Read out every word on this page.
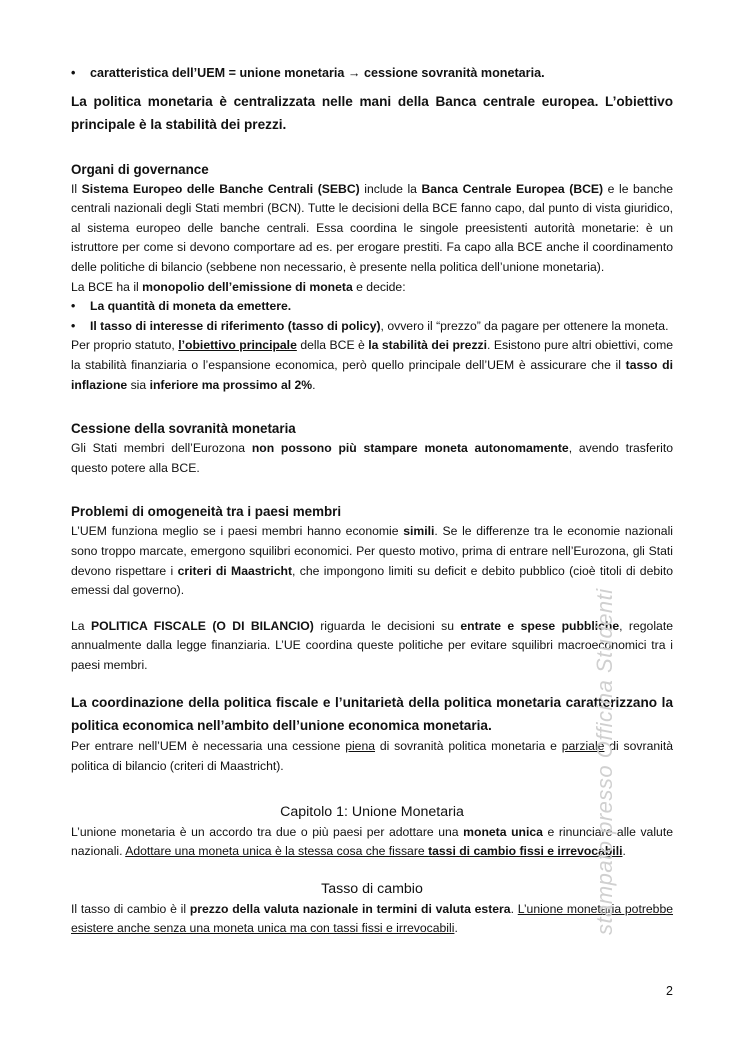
• caratteristica dell’UEM = unione monetaria → cessione sovranità monetaria.

La politica monetaria è centralizzata nelle mani della Banca centrale europea. L’obiettivo principale è la stabilità dei prezzi.

Organi di governance

Il Sistema Europeo delle Banche Centrali (SEBC) include la Banca Centrale Europea (BCE) e le banche centrali nazionali degli Stati membri (BCN). Tutte le decisioni della BCE fanno capo, dal punto di vista giuridico, al sistema europeo delle banche centrali. Essa coordina le singole preesistenti autorità monetarie: è un istruttore per come si devono comportare ad es. per erogare prestiti. Fa capo alla BCE anche il coordinamento delle politiche di bilancio (sebbene non necessario, è presente nella politica dell’unione monetaria).

La BCE ha il monopolio dell’emissione di moneta e decide:

• La quantità di moneta da emettere.

• Il tasso di interesse di riferimento (tasso di policy), ovvero il “prezzo” da pagare per ottenere la moneta.

Per proprio statuto, l’obiettivo principale della BCE è la stabilità dei prezzi. Esistono pure altri obiettivi, come la stabilità finanziaria o l’espansione economica, però quello principale dell’UEM è assicurare che il tasso di inflazione sia inferiore ma prossimo al 2%.

Cessione della sovranità monetaria

Gli Stati membri dell’Eurozona non possono più stampare moneta autonomamente, avendo trasferito questo potere alla BCE.

Problemi di omogeneità tra i paesi membri

L’UEM funziona meglio se i paesi membri hanno economie simili. Se le differenze tra le economie nazionali sono troppo marcate, emergono squilibri economici. Per questo motivo, prima di entrare nell’Eurozona, gli Stati devono rispettare i criteri di Maastricht, che impongono limiti su deficit e debito pubblico (cioè titoli di debito emessi dal governo).

La POLITICA FISCALE (O DI BILANCIO) riguarda le decisioni su entrate e spese pubbliche, regolate annualmente dalla legge finanziaria. L’UE coordina queste politiche per evitare squilibri macroeconomici tra i paesi membri.

La coordinazione della politica fiscale e l’unitarietà della politica monetaria caratterizzano la politica economica nell’ambito dell’unione economica monetaria.

Per entrare nell’UEM è necessaria una cessione piena di sovranità politica monetaria e parziale di sovranità politica di bilancio (criteri di Maastricht).

Capitolo 1: Unione Monetaria

L’unione monetaria è un accordo tra due o più paesi per adottare una moneta unica e rinunciare alle valute nazionali. Adottare una moneta unica è la stessa cosa che fissare tassi di cambio fissi e irrevocabili.

Tasso di cambio

Il tasso di cambio è il prezzo della valuta nazionale in termini di valuta estera. L’unione monetaria potrebbe esistere anche senza una moneta unica ma con tassi fissi e irrevocabili.	stampato presso Officina Studenti
2
